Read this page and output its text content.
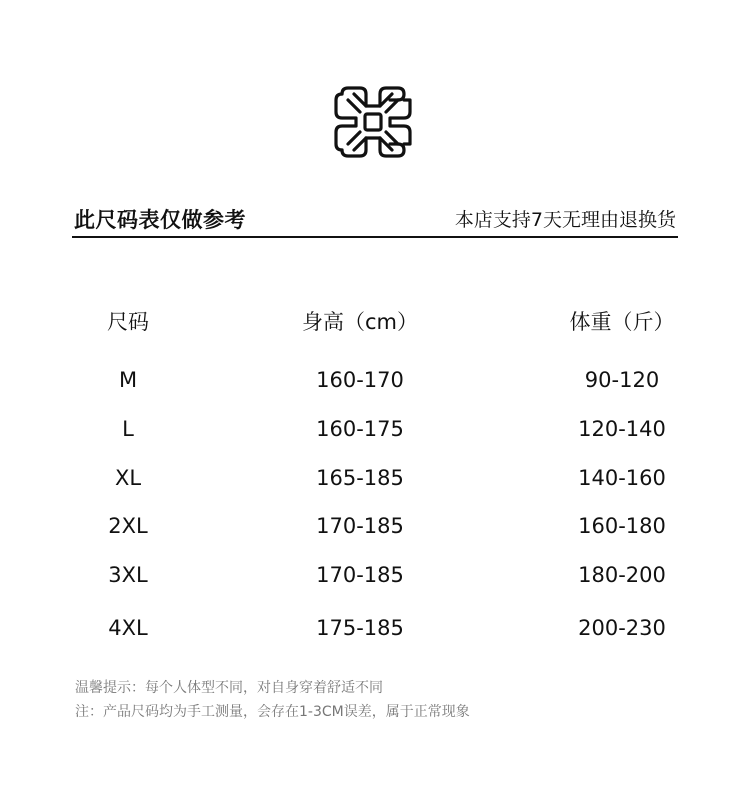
此尺码表仅做参考	本店支持7天无理由退换货
尺码	身高（cm）	体重（斤）
M	160-170	90-120
L	160-175	120-140
XL	165-185	140-160
2XL	170-185	160-180
3XL	170-185	180-200
4XL	175-185	200-230
温馨提示：每个人体型不同，对自身穿着舒适不同
注：产品尺码均为手工测量，会存在1-3CM误差，属于正常现象
